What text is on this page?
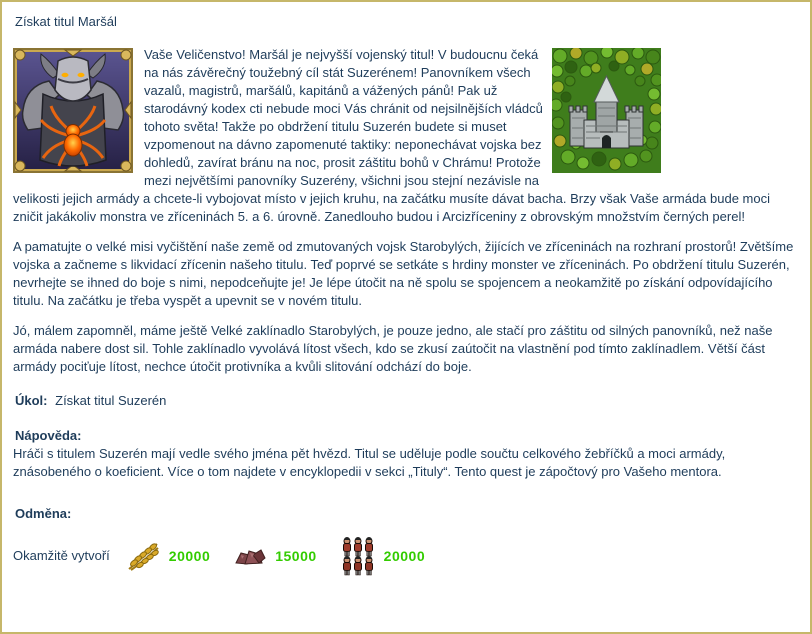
Získat titul Maršál

Vaše Veličenstvo! Maršál je nejvyšší vojenský titul! V budoucnu čeká na nás závěrečný toužebný cíl stát Suzerénem! Panovníkem všech vazalů, magistrů, maršálů, kapitánů a vážených pánů! Pak už starodávný kodex cti nebude moci Vás chránit od nejsilnějších vládců tohoto světa! Takže po obdržení titulu Suzerén budete si muset vzpomenout na dávno zapomenuté taktiky: neponechávat vojska bez dohledů, zavírat bránu na noc, prosit záštitu bohů v Chrámu! Protože mezi největšími panovníky Suzerény, všichni jsou stejní nezávisle na velikosti jejich armády a chcete-li vybojovat místo v jejich kruhu, na začátku musíte dávat bacha. Brzy však Vaše armáda bude moci zničit jakákoliv monstra ve zříceninách 5. a 6. úrovně. Zanedlouho budou i Arcizříceniny z obrovským množstvím černých perel!

A pamatujte o velké misi vyčištění naše země od zmutovaných vojsk Starobylých, žijících ve zříceninách na rozhraní prostorů! Zvětšíme vojska a začneme s likvidací zřícenin našeho titulu. Teď poprvé se setkáte s hrdiny monster ve zříceninách. Po obdržení titulu Suzerén, nevrhejte se ihned do boje s nimi, nepodceňujte je! Je lépe útočit na ně spolu se spojencem a neokamžitě po získání odpovídajícího titulu. Na začátku je třeba vyspět a upevnit se v novém titulu.

Jó, málem zapomněl, máme ještě Velké zaklínadlo Starobylých, je pouze jedno, ale stačí pro záštitu od silných panovníků, než naše armáda nabere dost sil. Tohle zaklínadlo vyvolává lítost všech, kdo se zkusí zaútočit na vlastnění pod tímto zaklínadlem. Větší část armády pociťuje lítost, nechce útočit protivníka a kvůli slitování odchází do boje.

Úkol: Získat titul Suzerén

Nápověda:

Hráči s titulem Suzerén mají vedle svého jména pět hvězd. Titul se uděluje podle součtu celkového žebříčků a moci armády, znásobeného o koeficient. Více o tom najdete v encyklopedii v sekci „Tituly“. Tento quest je zápočtový pro Vašeho mentora.

Odměna:
Okamžitě vytvoří	20000	15000	20000
